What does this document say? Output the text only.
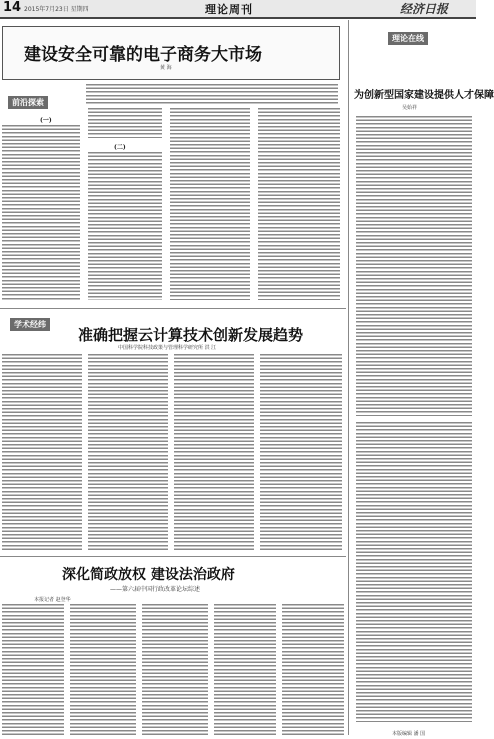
14 2015年7月23日 星期四	理论周刊	经济日报
建设安全可靠的电子商务大市场
黄 海
前沿探索
(一)
(二)
理论在线
为创新型国家建设提供人才保障
吴始祥
学术经纬
准确把握云计算技术创新发展趋势
中国科学院科技政策与管理科学研究所 洪 江
深化简政放权 建设法治政府
——第六届中国行政改革论坛综述
本报记者 赵登华
本版编辑 潘 国
